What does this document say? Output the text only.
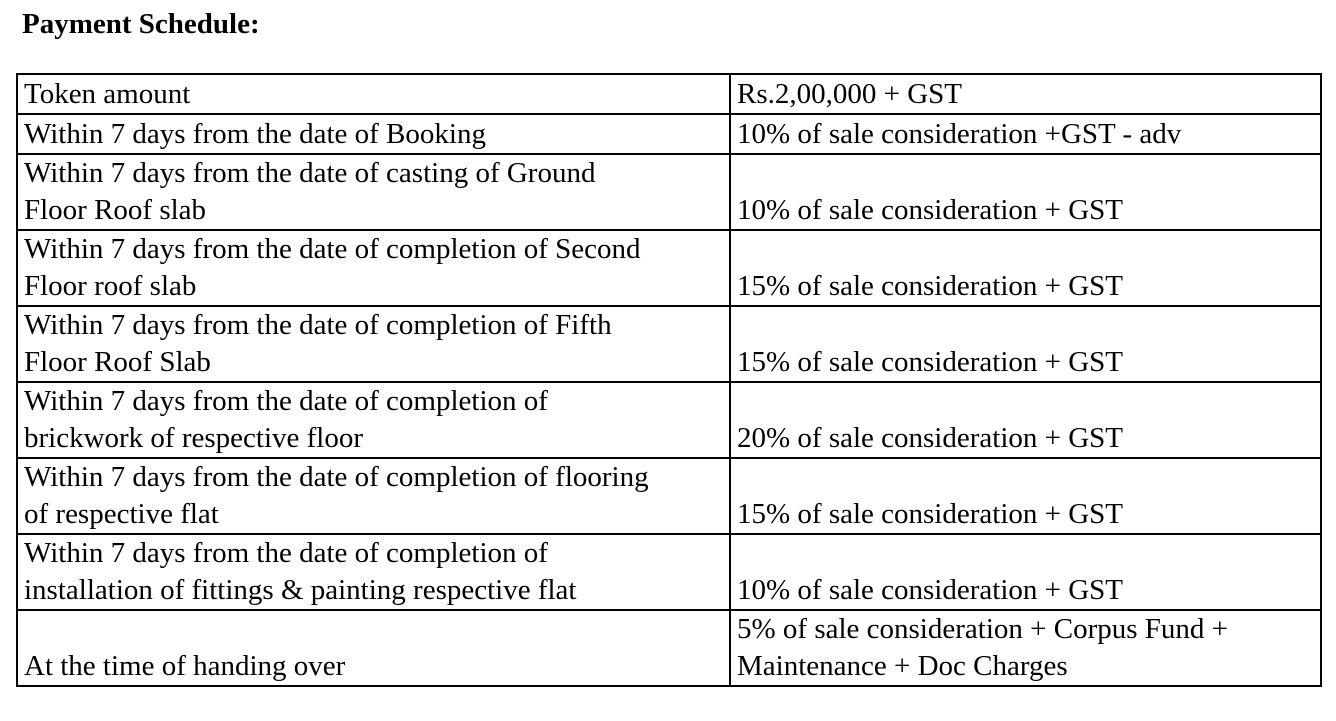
Payment Schedule:
Token amount	Rs.2,00,000 + GST
Within 7 days from the date of Booking	10% of sale consideration +GST - adv
Within 7 days from the date of casting of Ground
Floor Roof slab	10% of sale consideration + GST
Within 7 days from the date of completion of Second
Floor roof slab	15% of sale consideration + GST
Within 7 days from the date of completion of Fifth
Floor Roof Slab	15% of sale consideration + GST
Within 7 days from the date of completion of
brickwork of respective floor	20% of sale consideration + GST
Within 7 days from the date of completion of flooring
of respective flat	15% of sale consideration + GST
Within 7 days from the date of completion of
installation of fittings & painting respective flat	10% of sale consideration + GST
At the time of handing over	5% of sale consideration + Corpus Fund +
Maintenance + Doc Charges
